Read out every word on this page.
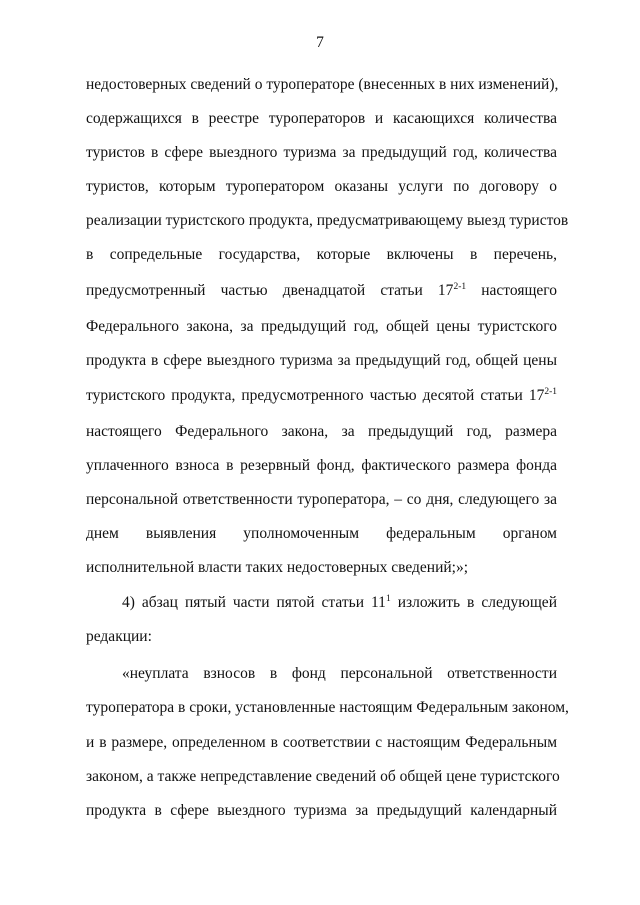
7
недостоверных сведений о туроператоре (внесенных в них изменений),
содержащихся в реестре туроператоров и касающихся количества
туристов в сфере выездного туризма за предыдущий год, количества
туристов, которым туроператором оказаны услуги по договору о
реализации туристского продукта, предусматривающему выезд туристов
в сопредельные государства, которые включены в перечень,
предусмотренный частью двенадцатой статьи 17$^{2-1}$ настоящего
Федерального закона, за предыдущий год, общей цены туристского
продукта в сфере выездного туризма за предыдущий год, общей цены
туристского продукта, предусмотренного частью десятой статьи 17$^{2-1}$
настоящего Федерального закона, за предыдущий год, размера
уплаченного взноса в резервный фонд, фактического размера фонда
персональной ответственности туроператора, – со дня, следующего за
днем выявления уполномоченным федеральным органом
исполнительной власти таких недостоверных сведений;»;
4) абзац пятый части пятой статьи $11^1$ изложить в следующей
редакции:
«неуплата взносов в фонд персональной ответственности
туроператора в сроки, установленные настоящим Федеральным законом,
и в размере, определенном в соответствии с настоящим Федеральным
законом, а также непредставление сведений об общей цене туристского
продукта в сфере выездного туризма за предыдущий календарный
